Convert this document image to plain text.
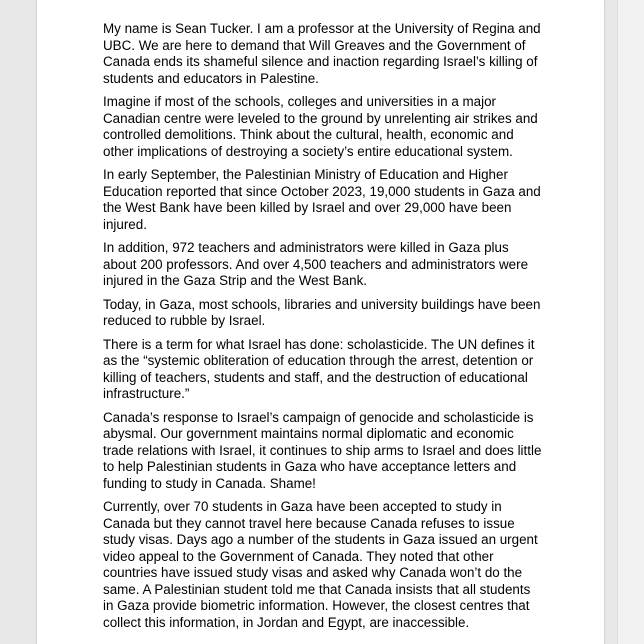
My name is Sean Tucker. I am a professor at the University of Regina and UBC. We are here to demand that Will Greaves and the Government of Canada ends its shameful silence and inaction regarding Israel’s killing of students and educators in Palestine.

Imagine if most of the schools, colleges and universities in a major Canadian centre were leveled to the ground by unrelenting air strikes and controlled demolitions. Think about the cultural, health, economic and other implications of destroying a society’s entire educational system.

In early September, the Palestinian Ministry of Education and Higher Education reported that since October 2023, 19,000 students in Gaza and the West Bank have been killed by Israel and over 29,000 have been injured.

In addition, 972 teachers and administrators were killed in Gaza plus about 200 professors. And over 4,500 teachers and administrators were injured in the Gaza Strip and the West Bank.

Today, in Gaza, most schools, libraries and university buildings have been reduced to rubble by Israel.

There is a term for what Israel has done: scholasticide. The UN defines it as the “systemic obliteration of education through the arrest, detention or killing of teachers, students and staff, and the destruction of educational infrastructure.”

Canada’s response to Israel’s campaign of genocide and scholasticide is abysmal. Our government maintains normal diplomatic and economic trade relations with Israel, it continues to ship arms to Israel and does little to help Palestinian students in Gaza who have acceptance letters and funding to study in Canada. Shame!

Currently, over 70 students in Gaza have been accepted to study in Canada but they cannot travel here because Canada refuses to issue study visas. Days ago a number of the students in Gaza issued an urgent video appeal to the Government of Canada. They noted that other countries have issued study visas and asked why Canada won’t do the same. A Palestinian student told me that Canada insists that all students in Gaza provide biometric information. However, the closest centres that collect this information, in Jordan and Egypt, are inaccessible.
